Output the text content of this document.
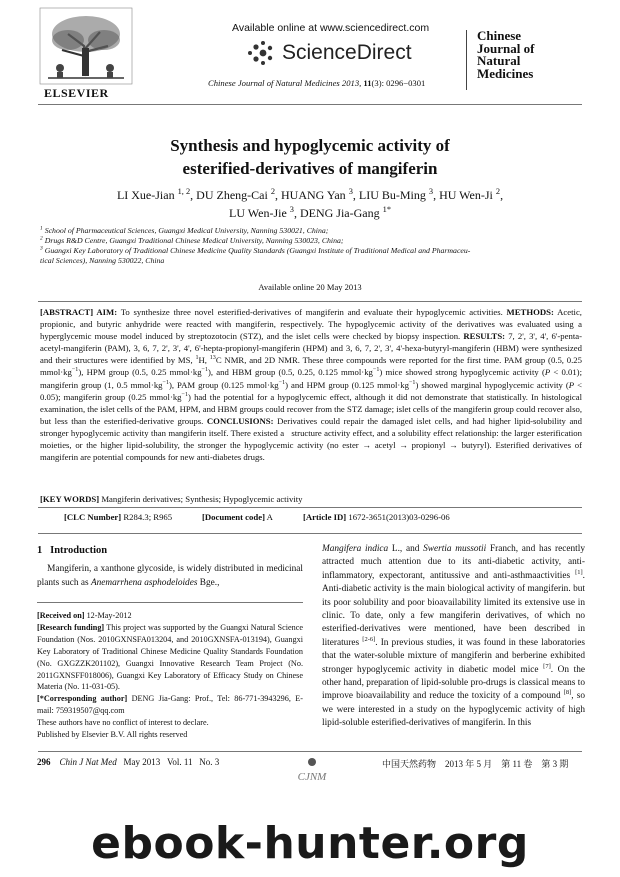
ELSEVIER
Available online at www.sciencedirect.com
ScienceDirect
Chinese Journal of Natural Medicines 2013, 11(3): 0296−0301
Chinese
Journal of
Natural
Medicines
Synthesis and hypoglycemic activity of
esterified-derivatives of mangiferin
LI Xue-Jian $^{1, 2}$, DU Zheng-Cai $^2$, HUANG Yan $^3$, LIU Bu-Ming $^3$, HU Wen-Ji $^2$,
LU Wen-Jie $^3$, DENG Jia-Gang $^{1*}$
$^1$ School of Pharmaceutical Sciences, Guangxi Medical University, Nanning 530021, China;
$^2$ Drugs R&D Centre, Guangxi Traditional Chinese Medical University, Nanning 530023, China;
$^3$ Guangxi Key Laboratory of Traditional Chinese Medicine Quality Standards (Guangxi Institute of Traditional Medical and Pharmaceu-
tical Sciences), Nanning 530022, China
Available online 20 May 2013
[ABSTRACT] AIM: To synthesize three novel esterified-derivatives of mangiferin and evaluate their hypoglycemic activities. METHODS: Acetic, propionic, and butyric anhydride were reacted with mangiferin, respectively. The hypoglycemic activity of the derivatives was evaluated using a hyperglycemic mouse model induced by streptozotocin (STZ), and the islet cells were checked by biopsy inspection. RESULTS: 7, 2', 3', 4', 6'-penta-acetyl-mangiferin (PAM), 3, 6, 7, 2', 3', 4', 6'-hepta-propionyl-mangiferin (HPM) and 3, 6, 7, 2', 3', 4'-hexa-butyryl-mangiferin (HBM) were synthesized and their structures were identified by MS, $^1$H, $^{13}$C NMR, and 2D NMR. These three compounds were reported for the first time. PAM group (0.5, 0.25 $mmol\cdot kg^{-1}$), HPM group (0.5, 0.25 $mmol\cdot kg^{-1}$), and HBM group (0.5, 0.25, 0.125 $mmol\cdot kg^{-1}$) mice showed strong hypoglycemic activity (P < 0.01); mangiferin group (1, 0.5 $mmol\cdot kg^{-1}$), PAM group (0.125 $mmol\cdot kg^{-1}$) and HPM group (0.125 $mmol\cdot kg^{-1}$) showed marginal hypoglycemic activity (P < 0.05); mangiferin group (0.25 $mmol\cdot kg^{-1}$) had the potential for a hypoglycemic effect, although it did not demonstrate that statistically. In histological examination, the islet cells of the PAM, HPM, and HBM groups could recover from the STZ damage; islet cells of the mangiferin group could recover also, but less than the esterified-derivative groups. CONCLUSIONS: Derivatives could repair the damaged islet cells, and had higher lipid-solubility and stronger hypoglycemic activity than mangiferin itself. There existed a   structure activity effect, and a solubility effect relationship: the larger esterification moieties, or the higher lipid-solubility, the stronger the hypoglycemic activity (no ester → acetyl → propionyl → butyryl). Esterified derivatives of mangiferin are potential compounds for new anti-diabetes drugs.
[KEY WORDS] Mangiferin derivatives; Synthesis; Hypoglycemic activity
[CLC Number] R284.3; R965	[Document code] A	[Article ID] 1672-3651(2013)03-0296-06
1   Introduction
Mangiferin, a xanthone glycoside, is widely distributed in medicinal plants such as Anemarrhena asphodeloides Bge.,
[Received on] 12-May-2012
[Research funding] This project was supported by the Guangxi Natural Science Foundation (Nos. 2010GXNSFA013204, and 2010GXNSFA-013194), Guangxi Key Laboratory of Traditional Chinese Medicine Quality Standards Foundation (No. GXGZZK201102), Guangxi Innovative Research Team Project (No. 2011GXNSFF018006), Guangxi Key Laboratory of Efficacy Study on Chinese Materia (No. 11-031-05).
[*Corresponding author] DENG Jia-Gang: Prof., Tel: 86-771-3943296, E-mail: 759319507@qq.com
These authors have no conflict of interest to declare.
Published by Elsevier B.V. All rights reserved
Mangifera indica L., and Swertia mussotii Franch, and has recently attracted much attention due to its anti-diabetic activity, anti-inflammatory, expectorant, antitussive and anti-asthmaactivities [1]. Anti-diabetic activity is the main biological activity of mangiferin. but its poor solubility and poor bioavailability limited its extensive use in clinic. To date, only a few mangiferin derivatives, of which no esterified-derivatives were mentioned, have been described in literatures [2-6]. In previous studies, it was found in these laboratories that the water-soluble mixture of mangiferin and berberine exhibited stronger hypoglycemic activity in diabetic model mice [7]. On the other hand, preparation of lipid-soluble pro-drugs is classical means to improve bioavailability and reduce the toxicity of a compound [8], so we were interested in a study on the hypoglycemic activity of high lipid-soluble esterified-derivatives of mangiferin. In this
296 Chin J Nat Med   May 2013   Vol. 11   No. 3
CJNM
中国天然药物　2013 年 5 月　第 11 卷　第 3 期
ebook-hunter.org
